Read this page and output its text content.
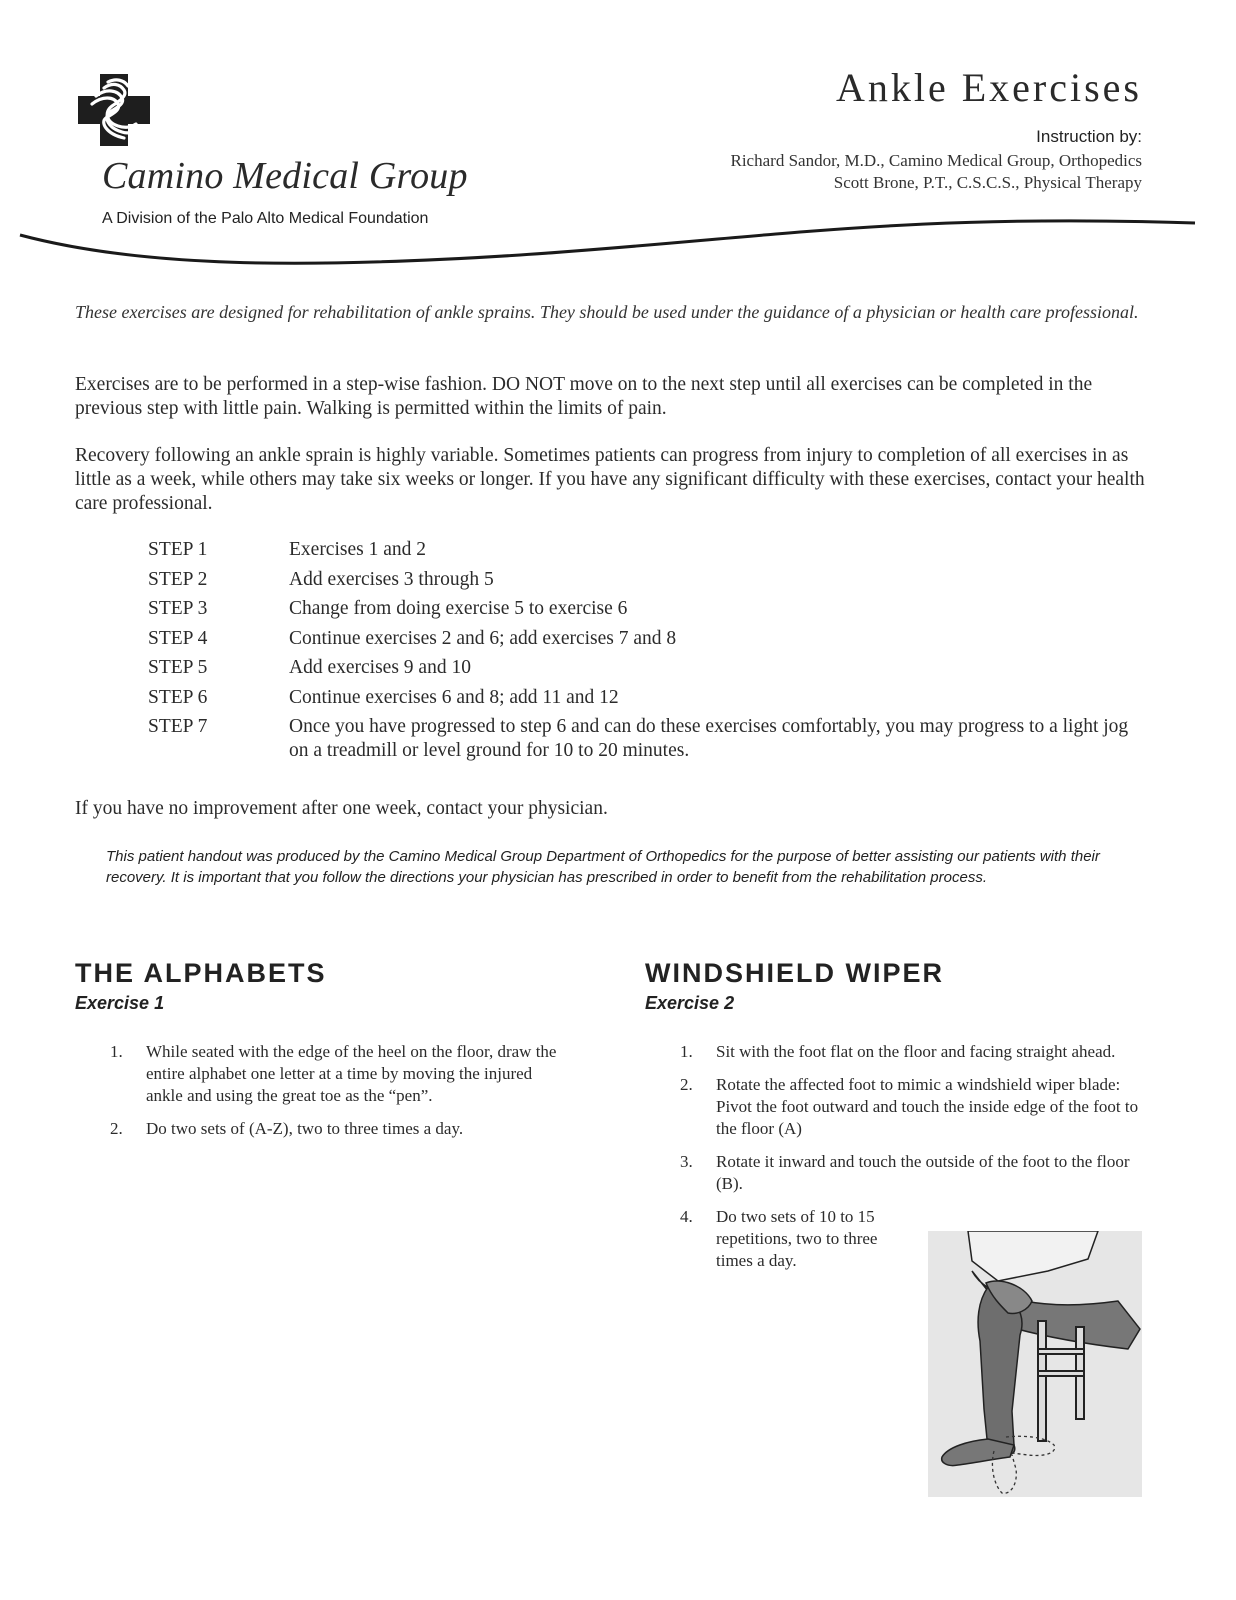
Camino Medical Group
A Division of the Palo Alto Medical Foundation
Ankle Exercises
Instruction by:
Richard Sandor, M.D., Camino Medical Group, Orthopedics
Scott Brone, P.T., C.S.C.S., Physical Therapy
These exercises are designed for rehabilitation of ankle sprains. They should be used under the guidance of a physician or health care professional.
Exercises are to be performed in a step-wise fashion. DO NOT move on to the next step until all exercises can be completed in the previous step with little pain. Walking is permitted within the limits of pain.
Recovery following an ankle sprain is highly variable. Sometimes patients can progress from injury to completion of all exercises in as little as a week, while others may take six weeks or longer. If you have any significant difficulty with these exercises, contact your health care professional.
STEP 1	Exercises 1 and 2
STEP 2	Add exercises 3 through 5
STEP 3	Change from doing exercise 5 to exercise 6
STEP 4	Continue exercises 2 and 6; add exercises 7 and 8
STEP 5	Add exercises 9 and 10
STEP 6	Continue exercises 6 and 8; add 11 and 12
STEP 7	Once you have progressed to step 6 and can do these exercises comfortably, you may progress to a light jog on a treadmill or level ground for 10 to 20 minutes.
If you have no improvement after one week, contact your physician.
This patient handout was produced by the Camino Medical Group Department of Orthopedics for the purpose of better assisting our patients with their recovery. It is important that you follow the directions your physician has prescribed in order to benefit from the rehabilitation process.
THE ALPHABETS
Exercise 1
1.	While seated with the edge of the heel on the floor, draw the entire alphabet one letter at a time by moving the injured ankle and using the great toe as the “pen”.
2.	Do two sets of (A-Z), two to three times a day.
WINDSHIELD WIPER
Exercise 2
1.	Sit with the foot flat on the floor and facing straight ahead.
2.	Rotate the affected foot to mimic a windshield wiper blade: Pivot the foot outward and touch the inside edge of the foot to the floor (A)
3.	Rotate it inward and touch the outside of the foot to the floor (B).
4.	Do two sets of 10 to 15 repetitions, two to three times a day.
